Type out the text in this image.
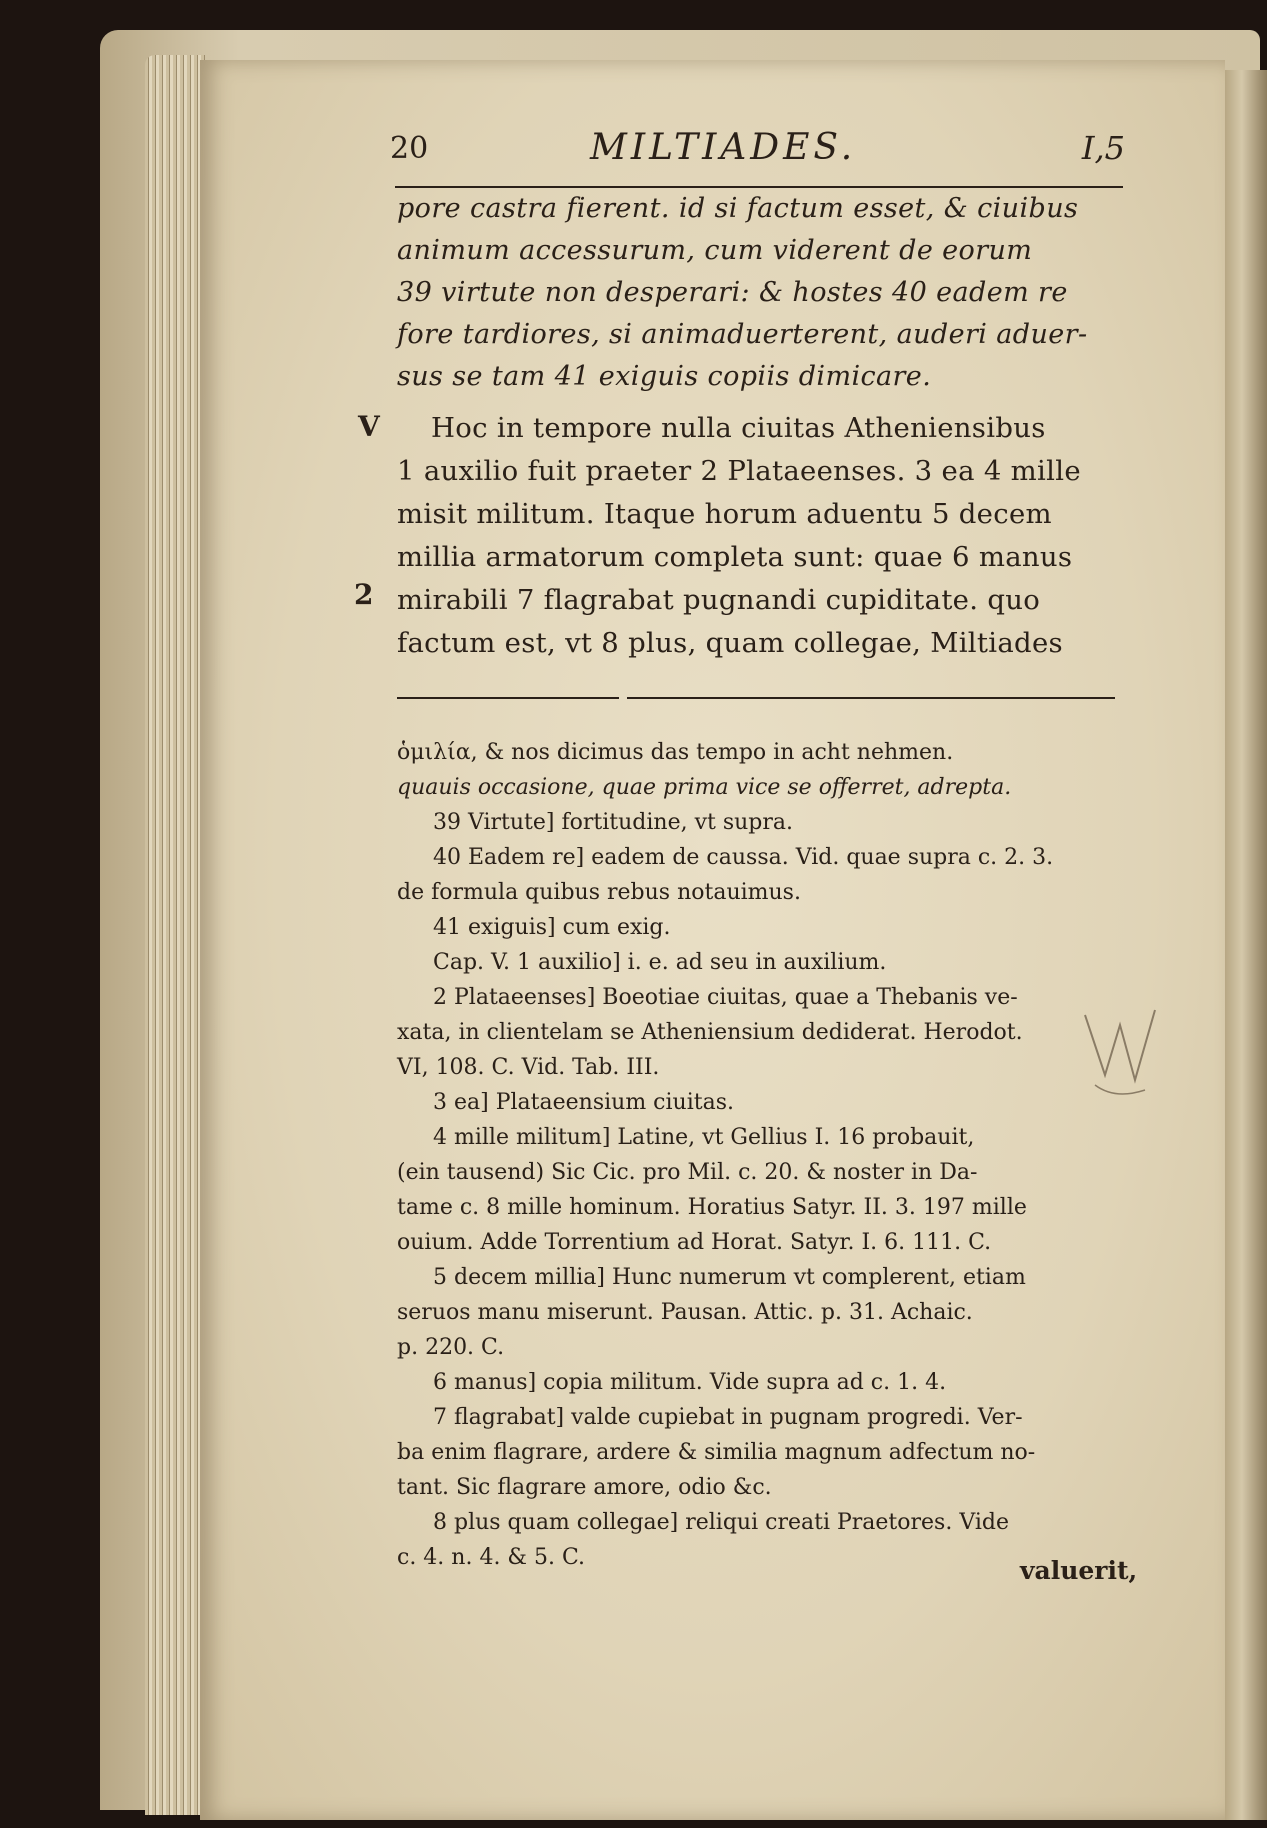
20	MILTIADES.	I,5
pore castra fierent. id si factum esset, & ciuibus
animum accessurum, cum viderent de eorum
39 virtute non desperari: & hostes 40 eadem re
fore tardiores, si animaduerterent, auderi aduer-
sus se tam 41 exiguis copiis dimicare.
V
2
Hoc in tempore nulla ciuitas Atheniensibus
1 auxilio fuit praeter 2 Plataeenses. 3 ea 4 mille
misit militum. Itaque horum aduentu 5 decem
millia armatorum completa sunt: quae 6 manus
mirabili 7 flagrabat pugnandi cupiditate. quo
factum est, vt 8 plus, quam collegae, Miltiades
ὁμιλία, & nos dicimus das tempo in acht nehmen.
quauis occasione, quae prima vice se offerret, adrepta.
39 Virtute] fortitudine, vt supra.
40 Eadem re] eadem de caussa. Vid. quae supra c. 2. 3.
de formula quibus rebus notauimus.
41 exiguis] cum exig.
Cap. V. 1 auxilio] i. e. ad seu in auxilium.
2 Plataeenses] Boeotiae ciuitas, quae a Thebanis ve-
xata, in clientelam se Atheniensium dediderat. Herodot.
VI, 108. C. Vid. Tab. III.
3 ea] Plataeensium ciuitas.
4 mille militum] Latine, vt Gellius I. 16 probauit,
(ein tausend) Sic Cic. pro Mil. c. 20. & noster in Da-
tame c. 8 mille hominum. Horatius Satyr. II. 3. 197 mille
ouium. Adde Torrentium ad Horat. Satyr. I. 6. 111. C.
5 decem millia] Hunc numerum vt complerent, etiam
seruos manu miserunt. Pausan. Attic. p. 31. Achaic.
p. 220. C.
6 manus] copia militum. Vide supra ad c. 1. 4.
7 flagrabat] valde cupiebat in pugnam progredi. Ver-
ba enim flagrare, ardere & similia magnum adfectum no-
tant. Sic flagrare amore, odio &c.
8 plus quam collegae] reliqui creati Praetores. Vide
c. 4. n. 4. & 5. C.	valuerit,
